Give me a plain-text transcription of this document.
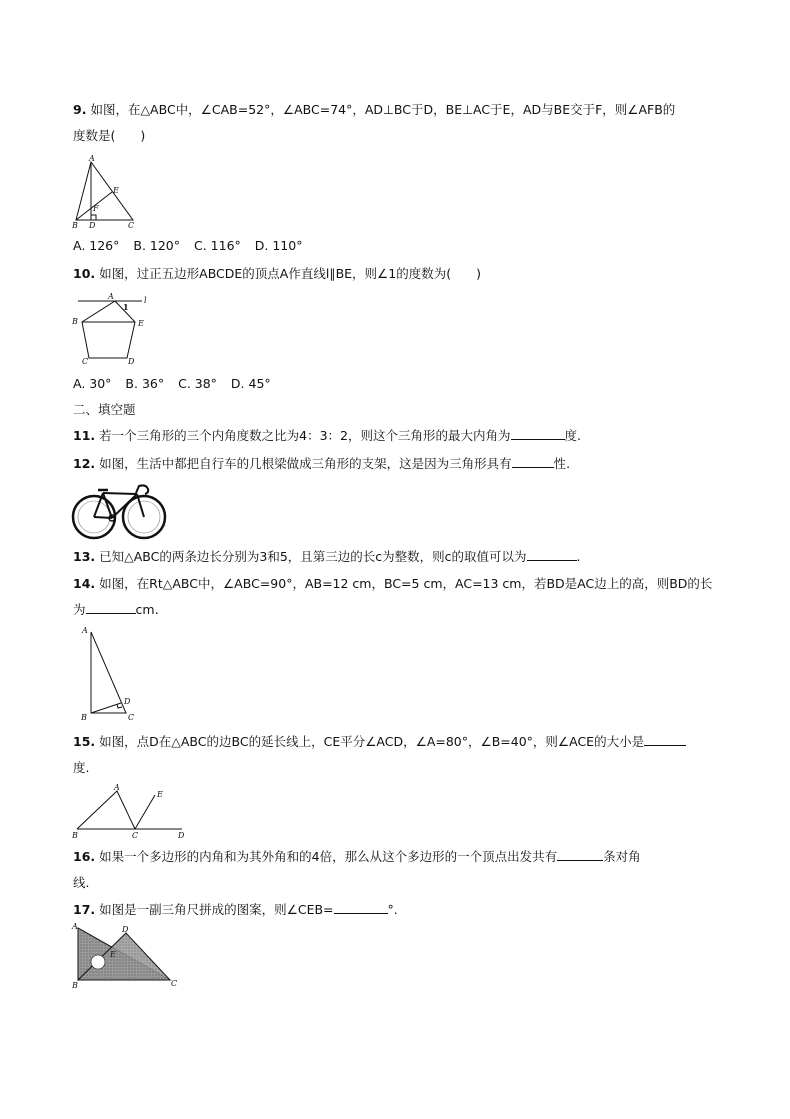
9. 如图，在△ABC中，∠CAB=52°，∠ABC=74°，AD⊥BC于D，BE⊥AC于E，AD与BE交于F，则∠AFB的
度数是(　　)
A
E
F
B D	C
A. 126° B. 120° C. 116° D. 110°
10. 如图，过正五边形ABCDE的顶点A作直线l∥BE，则∠1的度数为(　　)
A
1
l
B	E
C	D
A. 30° B. 36° C. 38° D. 45°
二、填空题
11. 若一个三角形的三个内角度数之比为4：3：2，则这个三角形的最大内角为	度.
12. 如图，生活中都把自行车的几根梁做成三角形的支架，这是因为三角形具有	性.
13. 已知△ABC的两条边长分别为3和5，且第三边的长c为整数，则c的取值可以为	.
14. 如图，在Rt△ABC中，∠ABC=90°，AB=12 cm，BC=5 cm，AC=13 cm，若BD是AC边上的高，则BD的长
为	cm.
A
D
B	C
15. 如图，点D在△ABC的边BC的延长线上，CE平分∠ACD，∠A=80°，∠B=40°，则∠ACE的大小是
度.
A
E
B	C	D
16. 如果一个多边形的内角和为其外角和的4倍，那么从这个多边形的一个顶点出发共有	条对角
线.
17. 如图是一副三角尺拼成的图案，则∠CEB=	°.
A	D
E
B	C
